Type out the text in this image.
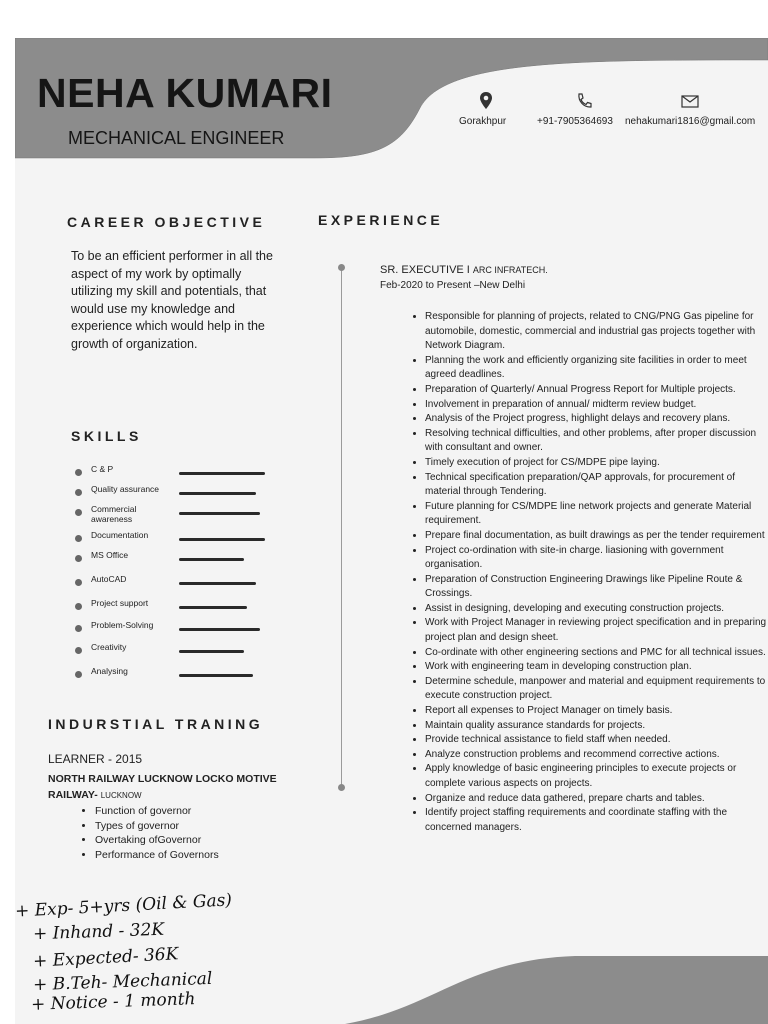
NEHA KUMARI
MECHANICAL ENGINEER
Gorakhpur	+91-7905364693 nehakumari1816@gmail.com
CAREER OBJECTIVE
To be an efficient performer in all the aspect of my work by optimally utilizing my skill and potentials, that would use my knowledge and experience which would help in the growth of organization.
SKILLS
C & P
Quality assurance
Commercial awareness
Documentation
MS Office
AutoCAD
Project support
Problem-Solving
Creativity
Analysing
INDURSTIAL TRANING
LEARNER - 2015
NORTH RAILWAY LUCKNOW LOCKO MOTIVE RAILWAY- LUCKNOW
• Function of governor
• Types of governor
• Overtaking ofGovernor
• Performance of Governors
EXPERIENCE
SR. EXECUTIVE I ARC INFRATECH.
Feb-2020 to Present –New Delhi
• Responsible for planning of projects, related to CNG/PNG Gas pipeline for automobile, domestic, commercial and industrial gas projects together with Network Diagram.
• Planning the work and efficiently organizing site facilities in order to meet agreed deadlines.
• Preparation of Quarterly/ Annual Progress Report for Multiple projects.
• Involvement in preparation of annual/ midterm review budget.
• Analysis of the Project progress, highlight delays and recovery plans.
• Resolving technical difficulties, and other problems, after proper discussion with consultant and owner.
• Timely execution of project for CS/MDPE pipe laying.
• Technical specification preparation/QAP approvals, for procurement of material through Tendering.
• Future planning for CS/MDPE line network projects and generate Material requirement.
• Prepare final documentation, as built drawings as per the tender requirement
• Project co-ordination with site-in charge. liasioning with government organisation.
• Preparation of Construction Engineering Drawings like Pipeline Route & Crossings.
• Assist in designing, developing and executing construction projects.
• Work with Project Manager in reviewing project specification and in preparing project plan and design sheet.
• Co-ordinate with other engineering sections and PMC for all technical issues.
• Work with engineering team in developing construction plan.
• Determine schedule, manpower and material and equipment requirements to execute construction project.
• Report all expenses to Project Manager on timely basis.
• Maintain quality assurance standards for projects.
• Provide technical assistance to field staff when needed.
• Analyze construction problems and recommend corrective actions.
• Apply knowledge of basic engineering principles to execute projects or complete various aspects on projects.
• Organize and reduce data gathered, prepare charts and tables.
• Identify project staffing requirements and coordinate staffing with the concerned managers.
+ Exp- 5+yrs (Oil & Gas)
+ Inhand - 32K
+ Expected- 36K
+ B.Teh- Mechanical
+ Notice - 1 month
